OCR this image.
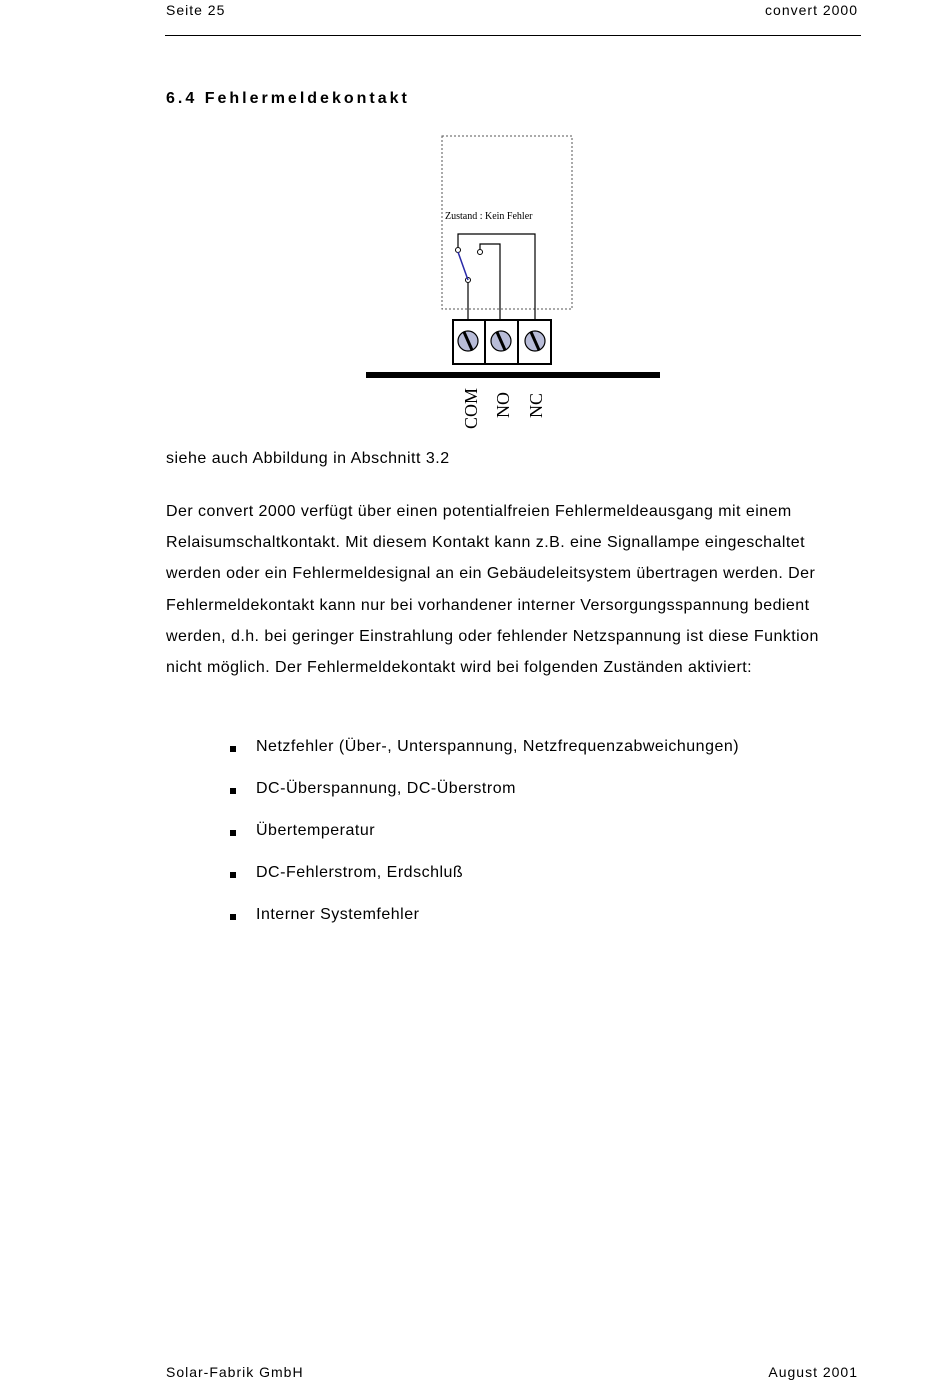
Seite 25	convert 2000
6.4 Fehlermeldekontakt
Zustand : Kein Fehler
COM NO NC
siehe auch Abbildung in Abschnitt 3.2
Der convert 2000 verfügt über einen potentialfreien Fehlermeldeausgang mit einem
Relaisumschaltkontakt. Mit diesem Kontakt kann z.B. eine Signallampe eingeschaltet
werden oder ein Fehlermeldesignal an ein Gebäudeleitsystem übertragen werden. Der
Fehlermeldekontakt kann nur bei vorhandener interner Versorgungsspannung bedient
werden, d.h. bei geringer Einstrahlung oder fehlender Netzspannung ist diese Funktion
nicht möglich. Der Fehlermeldekontakt wird bei folgenden Zuständen aktiviert:
Netzfehler (Über-, Unterspannung, Netzfrequenzabweichungen)
DC-Überspannung, DC-Überstrom
Übertemperatur
DC-Fehlerstrom, Erdschluß
Interner Systemfehler
Solar-Fabrik GmbH	August 2001
